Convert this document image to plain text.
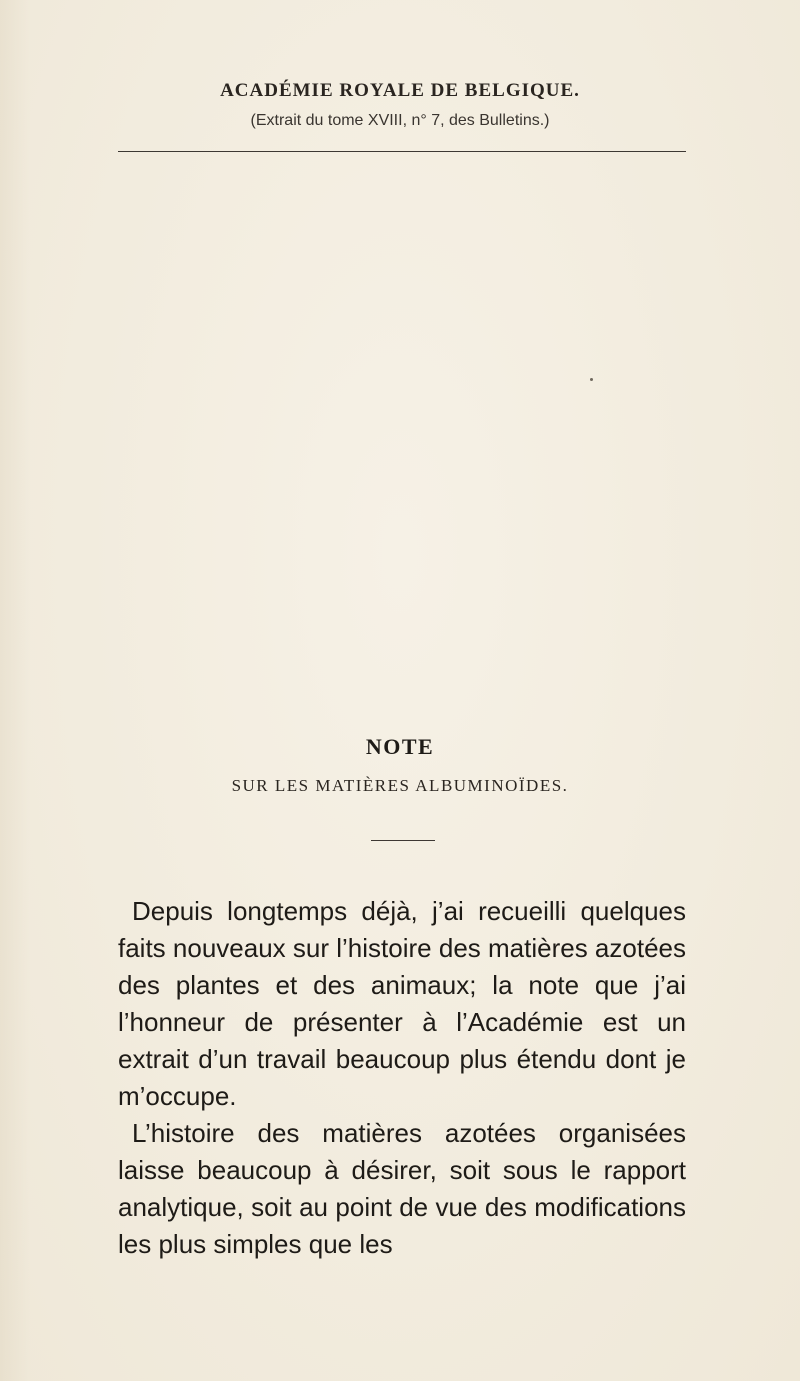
ACADÉMIE ROYALE DE BELGIQUE.
(Extrait du tome XVIII, n° 7, des Bulletins.)
NOTE
SUR LES MATIÈRES ALBUMINOÏDES.

Depuis longtemps déjà, j’ai recueilli quelques faits nouveaux sur l’histoire des matières azotées des plantes et des animaux; la note que j’ai l’honneur de présenter à l’Académie est un extrait d’un travail beaucoup plus étendu dont je m’occupe.

L’histoire des matières azotées organisées laisse beaucoup à désirer, soit sous le rapport analytique, soit au point de vue des modifications les plus simples que les
